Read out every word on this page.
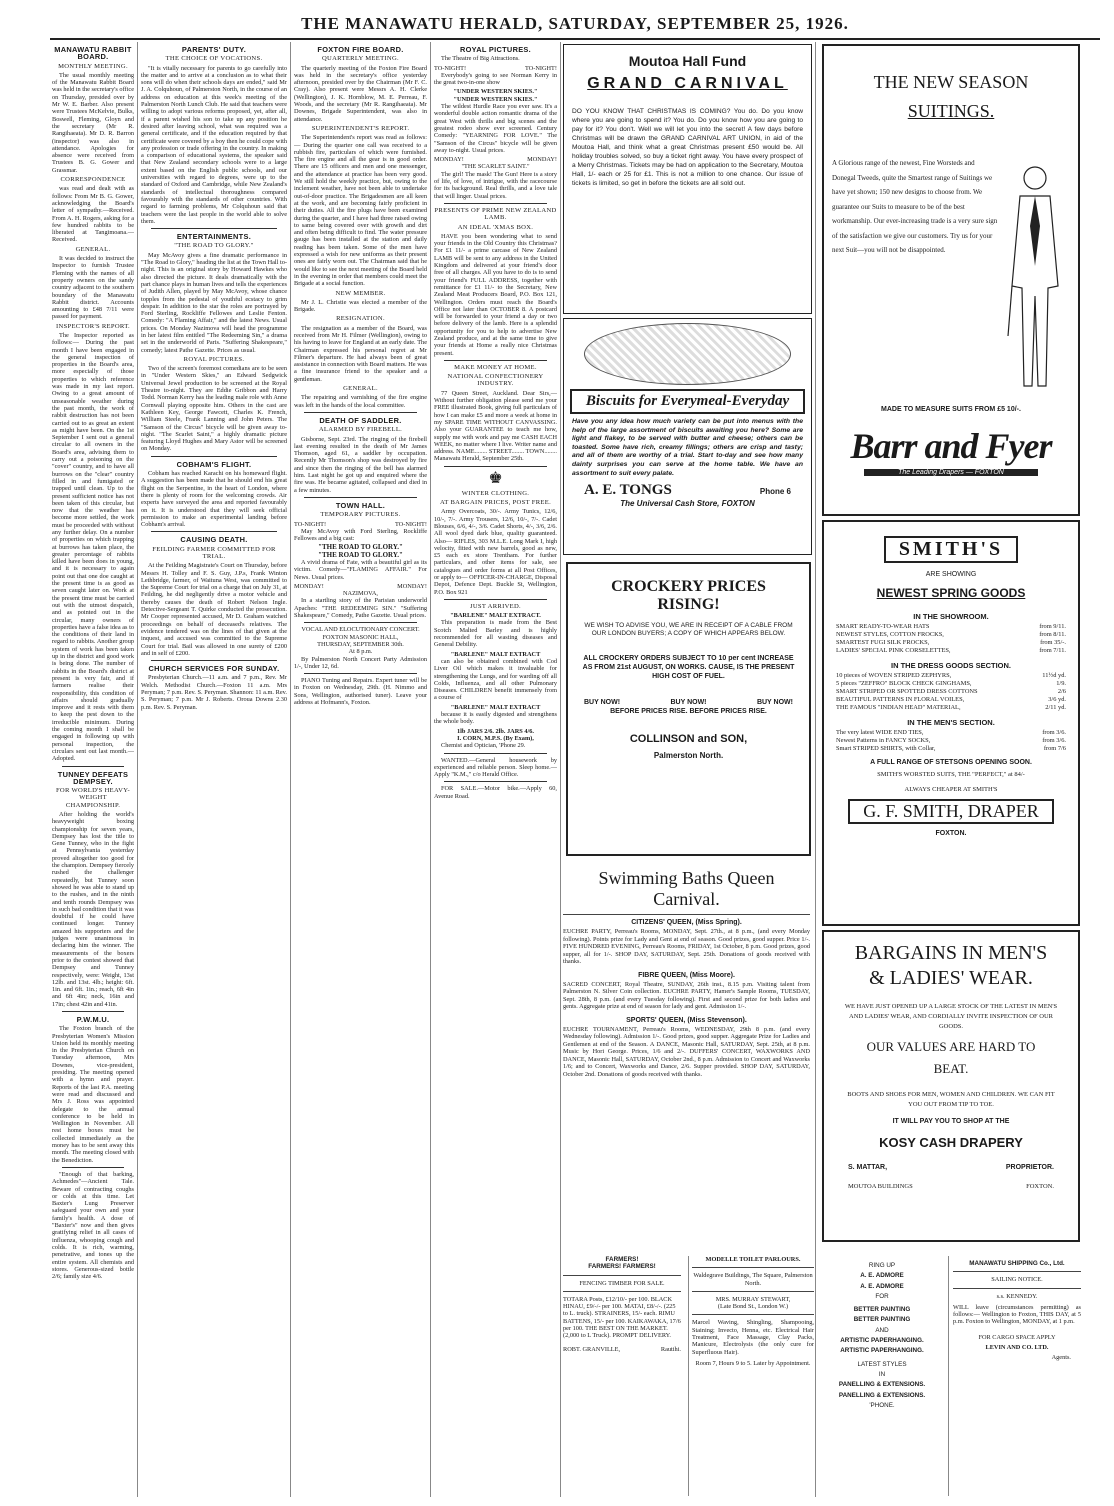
THE MANAWATU HERALD, SATURDAY, SEPTEMBER 25, 1926.
MANAWATU RABBIT BOARD.
MONTHLY MEETING.

The usual monthly meeting of the Manawatu Rabbit Board was held in the secretary's office on Thursday, presided over by Mr W. E. Barber. Also present were Trustees McKelvie, Bulks, Boswell, Fleming, Gloyn and the secretary (Mr R. Rangihaeata). Mr D. R. Barron (inspector) was also in attendance. Apologies for absence were received from Trustees B. G. Gower and Grassmar.

CORRESPONDENCE

was read and dealt with as follows: From Mr B. G. Gower, acknowledging the Board's letter of sympathy.—Received. From A. H. Rogers, asking for a few hundred rabbits to be liberated at Tangimoana.—Received.

GENERAL.

It was decided to instruct the Inspector to furnish Trustee Fleming with the names of all property owners on the sandy country adjacent to the southern boundary of the Manawatu Rabbit district. Accounts amounting to £48 7/11 were passed for payment.

INSPECTOR'S REPORT.

The Inspector reported as follows:— During the past month I have been engaged in the general inspection of properties in the Board's area, more especially of those properties to which reference was made in my last report. Owing to a great amount of unseasonable weather during the past month, the work of rabbit destruction has not been carried out to as great an extent as might have been. On the 1st September I sent out a general circular to all owners in the Board's area, advising them to carry out a poisoning on the "cover" country, and to have all burrows on the "clear" country filled in and fumigated or trapped until clean. Up to the present sufficient notice has not been taken of this circular, but now that the weather has become more settled, the work must be proceeded with without any further delay. On a number of properties on which trapping at burrows has taken place, the greater percentage of rabbits killed have been does in young, and it is necessary to again point out that one doe caught at the present time is as good as seven caught later on. Work at the present time must be carried out with the utmost despatch, and as pointed out in the circular, many owners of properties have a false idea as to the conditions of their land in regard to rabbits. Another group system of work has been taken up in the district and good work is being done. The number of rabbits in the Board's district at present is very fair, and if farmers realise their responsibility, this condition of affairs should gradually improve and it rests with them to keep the pest down to the irreducible minimum. During the coming month I shall be engaged in following up with personal inspection, the circulars sent out last month.—Adopted.

TUNNEY DEFEATS DEMPSEY.
FOR WORLD'S HEAVY-WEIGHT CHAMPIONSHIP.

After holding the world's heavyweight boxing championship for seven years, Dempsey has lost the title to Gene Tunney, who in the fight at Pennsylvania yesterday proved altogether too good for the champion. Dempsey fiercely rushed the challenger repeatedly, but Tunney soon showed he was able to stand up to the rushes, and in the ninth and tenth rounds Dempsey was in such bad condition that it was doubtful if he could have continued longer. Tunney amazed his supporters and the judges were unanimous in declaring him the winner. The measurements of the boxers prior to the contest showed that Dempsey and Tunney respectively, were: Weight, 13st 12lb. and 13st. 4lb.; height: 6ft. 1in. and 6ft. 1in.; reach, 6ft 4in and 6ft 4in; neck, 16in and 17in; chest 42in and 41in.

P.W.M.U.

The Foxton branch of the Presbyterian Women's Mission Union held its monthly meeting in the Presbyterian Church on Tuesday afternoon, Mrs Downes, vice-president, presiding. The meeting opened with a hymn and prayer. Reports of the last P.A. meeting were read and discussed and Mrs J. Ross was appointed delegate to the annual conference to be held in Wellington in November. All rest home boxes must be collected immediately as the money has to be sent away this month. The meeting closed with the Benediction.

"Enough of that barking, Achmedes"—Ancient Tale. Beware of contracting coughs or colds at this time. Let Baxter's Lung Preserver safeguard your own and your family's health. A dose of "Baxter's" now and then gives gratifying relief in all cases of influenza, whooping cough and colds. It is rich, warming, penetrative, and tones up the entire system. All chemists and stores. Generous-sized bottle 2/6; family size 4/6.

PARENTS' DUTY.
THE CHOICE OF VOCATIONS.

"It is vitally necessary for parents to go carefully into the matter and to arrive at a conclusion as to what their sons will do when their schools days are ended," said Mr J. A. Colquhoun, of Palmerston North, in the course of an address on education at this week's meeting of the Palmerston North Lunch Club. He said that teachers were willing to adopt various reforms proposed, yet, after all, if a parent wished his son to take up any position he desired after leaving school, what was required was a general certificate, and if the education required by that certificate were covered by a boy then he could cope with any profession or trade offering in the country. In making a comparison of educational systems, the speaker said that New Zealand secondary schools were to a large extent based on the English public schools, and our universities with regard to degrees, were up to the standard of Oxford and Cambridge, while New Zealand's standards of intellectual thoroughness compared favourably with the standards of other countries. With regard to farming problems, Mr Colquhoun said that teachers were the last people in the world able to solve them.

ENTERTAINMENTS.
"THE ROAD TO GLORY."

May McAvoy gives a fine dramatic performance in "The Road to Glory," heading the list at the Town Hall to-night. This is an original story by Howard Hawkes who also directed the picture. It deals dramatically with the part chance plays in human lives and tells the experiences of Judith Allen, played by May McAvoy, whose chance topples from the pedestal of youthful ecstacy to grim despair. In addition to the star the roles are portrayed by Ford Sterling, Rockliffe Fellowes and Leslie Fenton. Comedy: "A Flaming Affair," and the latest News. Usual prices. On Monday Nazimova will head the programme in her latest film entitled "The Redeeming Sin," a drama set in the underworld of Paris. "Suffering Shakespeare," comedy; latest Pathe Gazette. Prices as usual.

ROYAL PICTURES.

Two of the screen's foremost comedians are to be seen in "Under Western Skies," an Edward Sedgwick Universal Jewel production to be screened at the Royal Theatre to-night. They are Eddie Gribbon and Harry Todd. Norman Kerry has the leading male role with Anne Cornwall playing opposite him. Others in the cast are Kathleen Key, George Fawcett, Charles K. French, William Steele, Frank Lanning and John Peters. The "Samson of the Circus" bicycle will be given away to-night. "The Scarlet Saint," a highly dramatic picture featuring Lloyd Hughes and Mary Astor will be screened on Monday.

COBHAM'S FLIGHT.

Cobham has reached Karachi on his homeward flight. A suggestion has been made that he should end his great flight on the Serpentine, in the heart of London, where there is plenty of room for the welcoming crowds. Air experts have surveyed the area and reported favourably on it. It is understood that they will seek official permission to make an experimental landing before Cobham's arrival.

CAUSING DEATH.
FEILDING FARMER COMMITTED FOR TRIAL.

At the Feilding Magistrate's Court on Thursday, before Messrs H. Tolley and F. S. Guy, J.P.s, Frank Winton Lethbridge, farmer, of Waituna West, was committed to the Supreme Court for trial on a charge that on July 31, at Feilding, he did negligently drive a motor vehicle and thereby causes the death of Robert Nelson Ingle. Detective-Sergeant T. Quirke conducted the prosecution. Mr Cooper represented accused, Mr D. Graham watched proceedings on behalf of deceased's relatives. The evidence tendered was on the lines of that given at the inquest, and accused was committed to the Supreme Court for trial. Bail was allowed in one surety of £200 and in self of £200.

CHURCH SERVICES FOR SUNDAY.

Presbyterian Church.—11 a.m. and 7 p.m., Rev. Mr Welch. Methodist Church.—Foxton 11 a.m. Mrs Peryman; 7 p.m. Rev. S. Peryman. Shannon: 11 a.m. Rev. S. Peryman; 7 p.m. Mr J. Roberts. Oroua Downs 2.30 p.m. Rev. S. Peryman.

FOXTON FIRE BOARD.
QUARTERLY MEETING.

The quarterly meeting of the Foxton Fire Board was held in the secretary's office yesterday afternoon, presided over by the Chairman (Mr F. C. Cray). Also present were Messrs A. H. Clerke (Wellington), J. K. Hornblow, M. E. Perreau, F. Woods, and the secretary (Mr R. Rangihaeata). Mr Downes, Brigade Superintendent, was also in attendance.

SUPERINTENDENT'S REPORT.

The Superintendent's report was read as follows:— During the quarter one call was received to a rubbish fire, particulars of which were furnished. The fire engine and all the gear is in good order. There are 15 officers and men and one messenger, and the attendance at practice has been very good. We still hold the weekly practice, but, owing to the inclement weather, have not been able to undertake out-of-door practice. The Brigadesmen are all keen at the work, and are becoming fairly proficient in their duties. All the fire plugs have been examined during the quarter, and I have had three raised owing to same being covered over with growth and dirt and often being difficult to find. The water pressure gauge has been installed at the station and daily reading has been taken. Some of the men have expressed a wish for new uniforms as their present ones are fairly worn out. The Chairman said that he would like to see the next meeting of the Board held in the evening in order that members could meet the Brigade at a social function.

NEW MEMBER.

Mr J. L. Christie was elected a member of the Brigade.

RESIGNATION.

The resignation as a member of the Board, was received from Mr H. Filmer (Wellington), owing to his having to leave for England at an early date. The Chairman expressed his personal regret at Mr Filmer's departure. He had always been of great assistance in connection with Board matters. He was a fine insurance friend to the speaker and a gentleman.

GENERAL.

The repairing and varnishing of the fire engine was left in the hands of the local committee.

DEATH OF SADDLER.
ALARMED BY FIREBELL.

Gisborne, Sept. 23rd. The ringing of the firebell last evening resulted in the death of Mr James Thomson, aged 61, a saddler by occupation. Recently Mr Thomson's shop was destroyed by fire and since then the ringing of the bell has alarmed him. Last night he got up and enquired where the fire was. He became agitated, collapsed and died in a few minutes.

TOWN HALL.
TEMPORARY PICTURES.
TO-NIGHT!	TO-NIGHT!

May McAvoy with Ford Sterling, Rockliffe Fellowes and a big cast:

"THE ROAD TO GLORY."
"THE ROAD TO GLORY."

A vivid drama of Fate, with a beautiful girl as its victim. Comedy—"FLAMING AFFAIR." For News. Usual prices.

MONDAY!	MONDAY!
NAZIMOVA,

In a startling story of the Parisian underworld Apaches: "THE REDEEMING SIN." "Suffering Shakespeare," Comedy, Pathe Gazette. Usual prices.

VOCAL AND ELOCUTIONARY CONCERT.
FOXTON MASONIC HALL,
THURSDAY, SEPTEMBER 30th.
At 8 p.m.

By Palmerston North Concert Party Admission 1/-, Under 12, 6d.

PIANO Tuning and Repairs. Expert tuner will be in Foxton on Wednesday, 29th. (H. Nimmo and Sons, Wellington, authorised tuner). Leave your address at Hofmann's, Foxton.

ROYAL PICTURES.

The Theatre of Big Attractions.

TO-NIGHT!	TO-NIGHT!

Everybody's going to see Norman Kerry in the great two-in-one show

"UNDER WESTERN SKIES."
"UNDER WESTERN SKIES."

The wildest Hurdle Race you ever saw. It's a wonderful double action romantic drama of the great West with thrills and big scenes and the greatest rodeo show ever screened. Century Comedy: "YEARNING FOR LOVE." The "Samson of the Circus" bicycle will be given away to-night. Usual prices.

MONDAY!	MONDAY!
"THE SCARLET SAINT."

The girl! The mask! The Gun! Here is a story of life, of love, of intrigue, with the racecourse for its background. Real thrills, and a love tale that will linger. Usual prices.

PRESENTS OF PRIME NEW ZEALAND LAMB.
AN IDEAL 'XMAS BOX.

HAVE you been wondering what to send your friends in the Old Country this Christmas? For £1 11/- a prime carcase of New Zealand LAMB will be sent to any address in the United Kingdom and delivered at your friend's door free of all charges. All you have to do is to send your friend's FULL ADDRESS, together with remittance for £1 11/- to the Secretary, New Zealand Meat Producers Board, P.O. Box 121, Wellington. Orders must reach the Board's Office not later than OCTOBER 8. A postcard will be forwarded to your friend a day or two before delivery of the lamb. Here is a splendid opportunity for you to help to advertise New Zealand produce, and at the same time to give your friends at Home a really nice Christmas present.

MAKE MONEY AT HOME.
NATIONAL CONFECTIONERY INDUSTRY.

77 Queen Street, Auckland. Dear Sirs,—Without further obligation please send me your FREE illustrated Book, giving full particulars of how I can make £5 and more a week at home in my SPARE TIME WITHOUT CANVASSING. Also your GUARANTEE to teach me how, supply me with work and pay me CASH EACH WEEK, no matter where I live. Writer name and address. NAME........ STREET........ TOWN........ Manawatu Herald, September 25th.

♚
WINTER CLOTHING.
AT BARGAIN PRICES, POST FREE.

Army Overcoats, 30/-. Army Tunics, 12/6, 10/-, 7/-. Army Trousers, 12/6, 10/-, 7/-. Cadet Blouses, 6/6, 4/-, 3/6. Cadet Shorts, 4/-, 3/6, 2/6. All wool dyed dark blue, quality guaranteed. Also— RIFLES, 303 M.L.E. Long Mark I, high velocity, fitted with new barrels, good as new, £5 each ex store Trentham. For further particulars, and other items for sale, see catalogues and order forms at all Post Offices, or apply to— OFFICER-IN-CHARGE, Disposal Depot, Defence Dept. Buckle St, Wellington, P.O. Box 921

JUST ARRIVED.
"BARLENE" MALT EXTRACT.

This preparation is made from the Best Scotch Malted Barley and is highly recommended for all wasting diseases and General Debility.

"BARLENE" MALT EXTRACT

can also be obtained combined with Cod Liver Oil which makes it invaluable for strengthening the Lungs, and for warding off all Colds, Influenza, and all other Pulmonary Diseases. CHILDREN benefit immensely from a course of

"BARLENE" MALT EXTRACT

because it is easily digested and strengthens the whole body.

1lb JARS 2/6. 2lb. JARS 4/6.
I. CORN, M.P.S. (By Exam),

Chemist and Optician, 'Phone 29.

WANTED.—General housework by experienced and reliable person. Sleep home.—Apply "K.M.," c/o Herald Office.

FOR SALE.—Motor bike.—Apply 60, Avenue Road.

Moutoa Hall Fund
GRAND CARNIVAL
DO YOU KNOW THAT CHRISTMAS IS COMING? You do. Do you know where you are going to spend it? You do. Do you know how you are going to pay for it? You don't. Well we will let you into the secret! A few days before Christmas will be drawn the GRAND CARNIVAL ART UNION, in aid of the Moutoa Hall, and think what a great Christmas present £50 would be. All holiday troubles solved, so buy a ticket right away. You have every prospect of a Merry Christmas. Tickets may be had on application to the Secretary, Moutoa Hall, 1/- each or 25 for £1. This is not a million to one chance. Our issue of tickets is limited, so get in before the tickets are all sold out.
Biscuits for Everymeal-Everyday
Have you any idea how much variety can be put into menus with the help of the large assortment of biscuits awaiting you here? Some are light and flakey, to be served with butter and cheese; others can be toasted. Some have rich, creamy fillings; others are crisp and tasty; and all of them are worthy of a trial. Start to-day and see how many dainty surprises you can serve at the home table. We have an assortment to suit every palate.
A. E. TONGS	Phone 6
The Universal Cash Store, FOXTON
CROCKERY PRICES
RISING!
WE WISH TO ADVISE YOU, WE ARE IN RECEIPT OF A CABLE FROM OUR LONDON BUYERS; A COPY OF WHICH APPEARS BELOW.
ALL CROCKERY ORDERS SUBJECT TO 10 per cent INCREASE AS FROM 21st AUGUST, ON WORKS. CAUSE, IS THE PRESENT HIGH COST OF FUEL.
BUY NOW!	BUY NOW!	BUY NOW!
BEFORE PRICES RISE. BEFORE PRICES RISE.
COLLINSON and SON,
Palmerston North.
Swimming Baths Queen
Carnival.
CITIZENS' QUEEN, (Miss Spring).
EUCHRE PARTY, Perreau's Rooms, MONDAY, Sept. 27th., at 8 p.m., (and every Monday following). Points prize for Lady and Gent at end of season. Good prizes, good supper. Price 1/-. FIVE HUNDRED EVENING, Perreau's Rooms, FRIDAY, 1st October, 8 p.m. Good prizes, good supper, all for 1/-. SHOP DAY, SATURDAY, Sept. 25th. Donations of goods received with thanks.
FIBRE QUEEN, (Miss Moore).
SACRED CONCERT, Royal Theatre, SUNDAY, 26th inst., 8.15 p.m. Visiting talent from Palmerston N. Silver Coin collection. EUCHRE PARTY, Hamer's Sample Rooms, TUESDAY, Sept. 28th, 8 p.m. (and every Tuesday following). First and second prize for both ladies and gents. Aggregate prize at end of season for lady and gent. Admission 1/-.
SPORTS' QUEEN, (Miss Stevenson).
EUCHRE TOURNAMENT, Perreau's Rooms, WEDNESDAY, 29th 8 p.m. (and every Wednesday following). Admission 1/-. Good prizes, good supper. Aggregate Prize for Ladies and Gentlemen at end of the Season. A DANCE, Masonic Hall, SATURDAY, Sept. 25th, at 8 p.m. Music by Hori George. Prices, 1/6 and 2/-. DUFFERS' CONCERT, WAXWORKS AND DANCE, Masonic Hall, SATURDAY, October 2nd., 8 p.m. Admission to Concert and Waxworks 1/6; and to Concert, Waxworks and Dance, 2/6. Supper provided. SHOP DAY, SATURDAY, October 2nd. Donations of goods received with thanks.
FARMERS!
FARMERS! FARMERS!
FENCING TIMBER FOR SALE.
TOTARA Posts, £12/10/- per 100. BLACK HINAU, £9/-/- per 100. MATAI, £8/-/-. (225 to L. truck). STRAINERS, 15/- each. RIMU BATTENS, 15/- per 100. KAIKAWAKA, 17/6 per 100. THE BEST ON THE MARKET. (2,000 to L Truck). PROMPT DELIVERY.
ROBT. GRANVILLE,	Rautihi.
MODELLE TOILET PARLOURS.
Waldegrave Buildings, The Square, Palmerston North.
MRS. MURRAY STEWART,
(Late Bond St., London W.)
Marcel Waving, Shingling, Shampooing, Staining; Invecto, Henna, etc. Electrical Hair Treatment, Face Massage, Clay Packs, Manicure, Electrolysis (the only cure for Superfluous Hair).
Room 7, Hours 9 to 5. Later by Appointment.
THE NEW SEASON
SUITINGS.
A Glorious range of the newest, Fine Worsteds and Donegal Tweeds, quite the Smartest range of Suitings we have yet shown; 150 new designs to choose from. We guarantee our Suits to measure to be of the best workmanship. Our ever-increasing trade is a very sure sign of the satisfaction we give our customers. Try us for your next Suit—you will not be disappointed.
MADE TO MEASURE SUITS FROM £5 10/-.
Barr and Fyer
The Leading Drapers — FOXTON
SMITH'S
ARE SHOWING
NEWEST SPRING GOODS
IN THE SHOWROOM.
SMART READY-TO-WEAR HATS	from 9/11.
NEWEST STYLES, COTTON FROCKS,	from 8/11.
SMARTEST FUGI SILK FROCKS,	from 35/-.
LADIES' SPECIAL PINK CORSELETTES,	from 7/11.
IN THE DRESS GOODS SECTION.
10 pieces of WOVEN STRIPED ZEPHYRS,	11½d yd.
5 pieces "ZEFFRO" BLOCK CHECK GINGHAMS,	1/9.
SMART STRIPED OR SPOTTED DRESS COTTONS	2/6
BEAUTIFUL PATTERNS IN FLORAL VOILES,	3/6 yd.
THE FAMOUS "INDIAN HEAD" MATERIAL,	2/11 yd.
IN THE MEN'S SECTION.
The very latest WIDE END TIES,	from 3/6.
Newest Patterns in FANCY SOCKS,	from 3/6.
Smart STRIPED SHIRTS, with Collar,	from 7/6
A FULL RANGE OF STETSONS OPENING SOON.
SMITH'S WORSTED SUITS, THE "PERFECT," at 84/-
ALWAYS CHEAPER AT SMITH'S
G. F. SMITH, DRAPER
FOXTON.
BARGAINS IN MEN'S
& LADIES' WEAR.
WE HAVE JUST OPENED UP A LARGE STOCK OF THE LATEST IN MEN'S AND LADIES' WEAR, AND CORDIALLY INVITE INSPECTION OF OUR GOODS.
OUR VALUES ARE HARD TO BEAT.
BOOTS AND SHOES FOR MEN, WOMEN AND CHILDREN. WE CAN FIT YOU OUT FROM TIP TO TOE.
IT WILL PAY YOU TO SHOP AT THE
KOSY CASH DRAPERY
S. MATTAR,	PROPRIETOR.
MOUTOA BUILDINGS	FOXTON.
RING UP
A. E. ADMORE
A. E. ADMORE
FOR
BETTER PAINTING
BETTER PAINTING
AND
ARTISTIC PAPERHANGING.
ARTISTIC PAPERHANGING.
LATEST STYLES
IN
PANELLING & EXTENSIONS.
PANELLING & EXTENSIONS.
'PHONE.
MANAWATU SHIPPING Co., Ltd.
SAILING NOTICE.
s.s. KENNEDY.
WILL leave (circumstances permitting) as follows:— Wellington to Foxton, THIS DAY, at 5 p.m. Foxton to Wellington, MONDAY, at 1 p.m.
FOR CARGO SPACE APPLY
LEVIN AND CO. LTD.
Agents.
